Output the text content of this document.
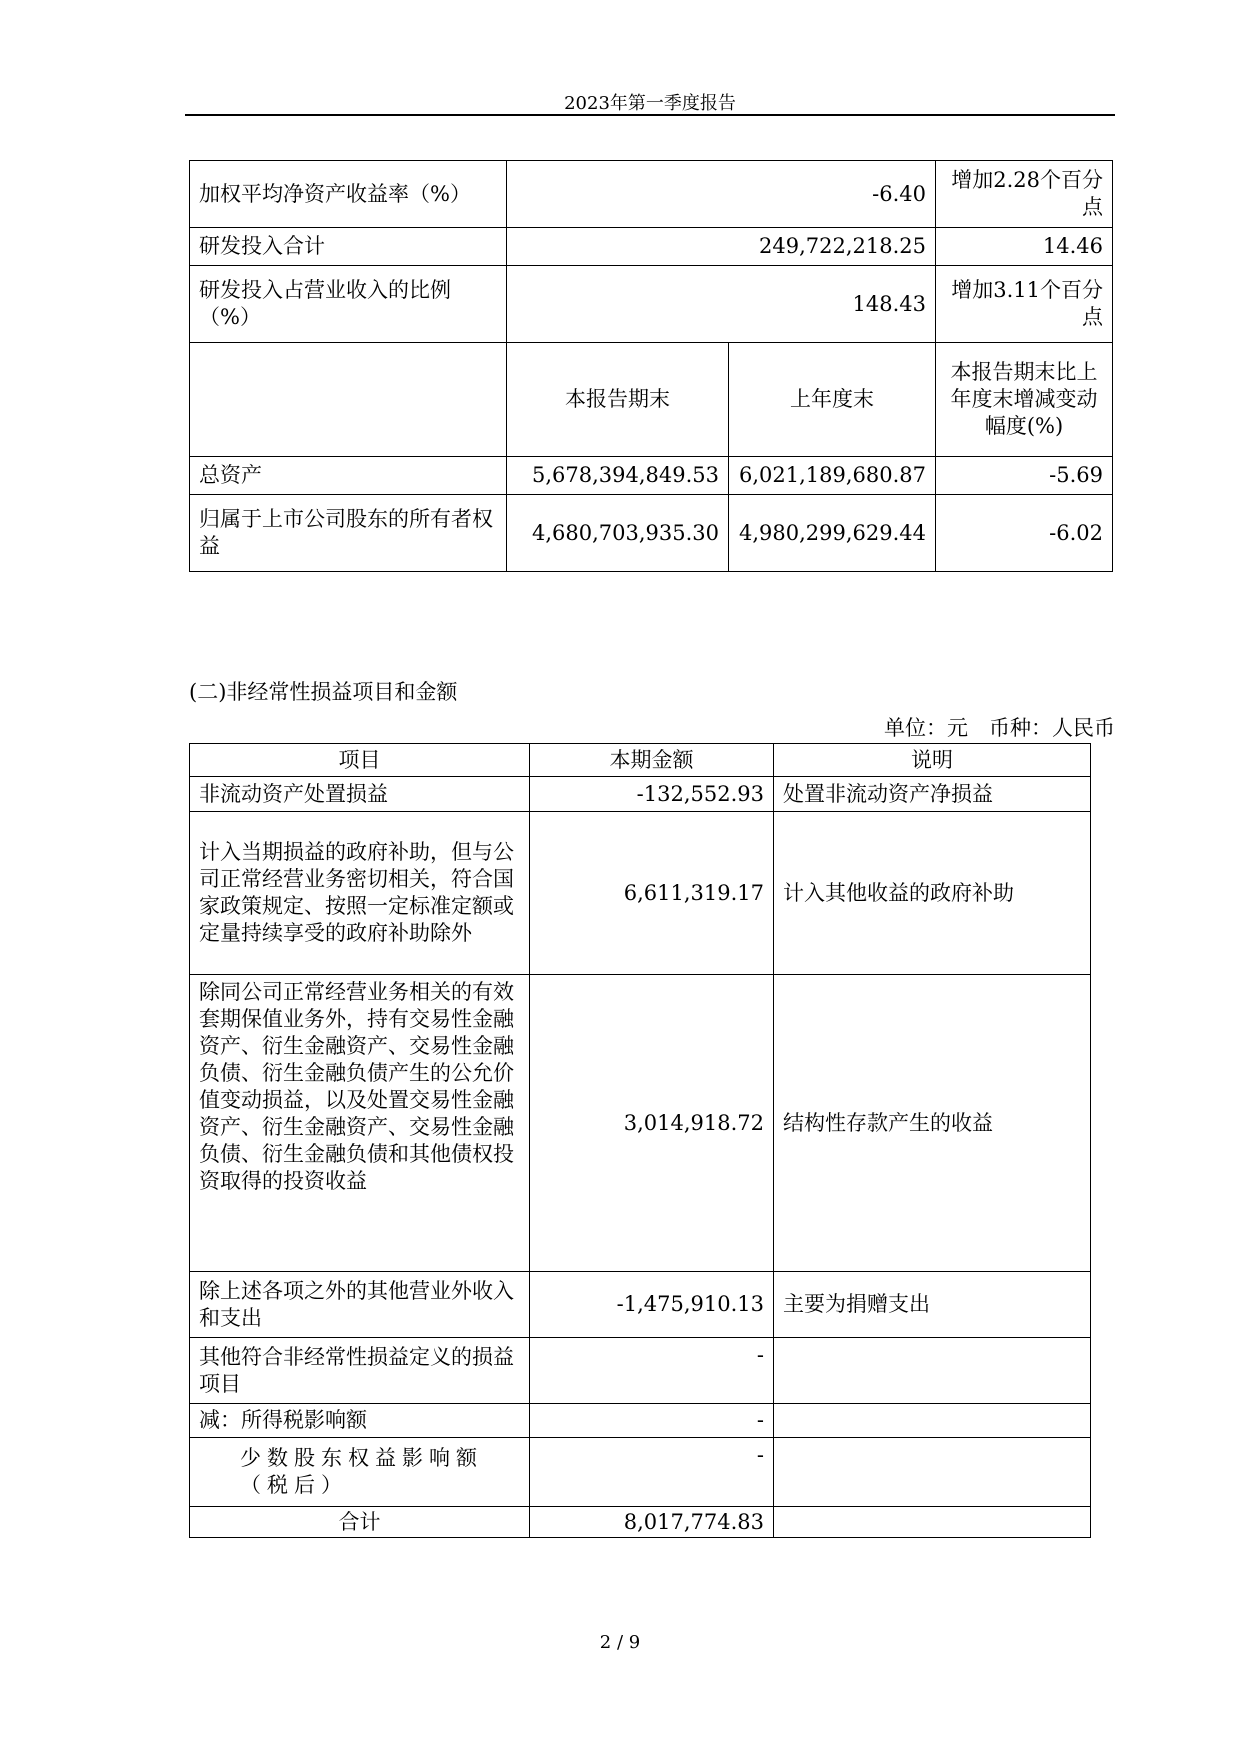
2023年第一季度报告
加权平均净资产收益率（%）	-6.40		增加2.28个百分点
研发投入合计	249,722,218.25		14.46
研发投入占营业收入的比例（%）	148.43		增加3.11个百分点
	本报告期末	上年度末	本报告期末比上年度末增减变动幅度(%)
总资产	5,678,394,849.53	6,021,189,680.87	-5.69
归属于上市公司股东的所有者权益	4,680,703,935.30	4,980,299,629.44	-6.02
(二)非经常性损益项目和金额
单位：元　币种：人民币
项目	本期金额	说明
非流动资产处置损益	-132,552.93	处置非流动资产净损益
计入当期损益的政府补助，但与公司正常经营业务密切相关，符合国家政策规定、按照一定标准定额或定量持续享受的政府补助除外	6,611,319.17	计入其他收益的政府补助
除同公司正常经营业务相关的有效套期保值业务外，持有交易性金融资产、衍生金融资产、交易性金融负债、衍生金融负债产生的公允价值变动损益，以及处置交易性金融资产、衍生金融资产、交易性金融负债、衍生金融负债和其他债权投资取得的投资收益	3,014,918.72	结构性存款产生的收益
除上述各项之外的其他营业外收入和支出	-1,475,910.13	主要为捐赠支出
其他符合非经常性损益定义的损益项目	-	
减：所得税影响额	-	
少数股东权益影响额（税后）	-	
合计	8,017,774.83	
2 / 9
